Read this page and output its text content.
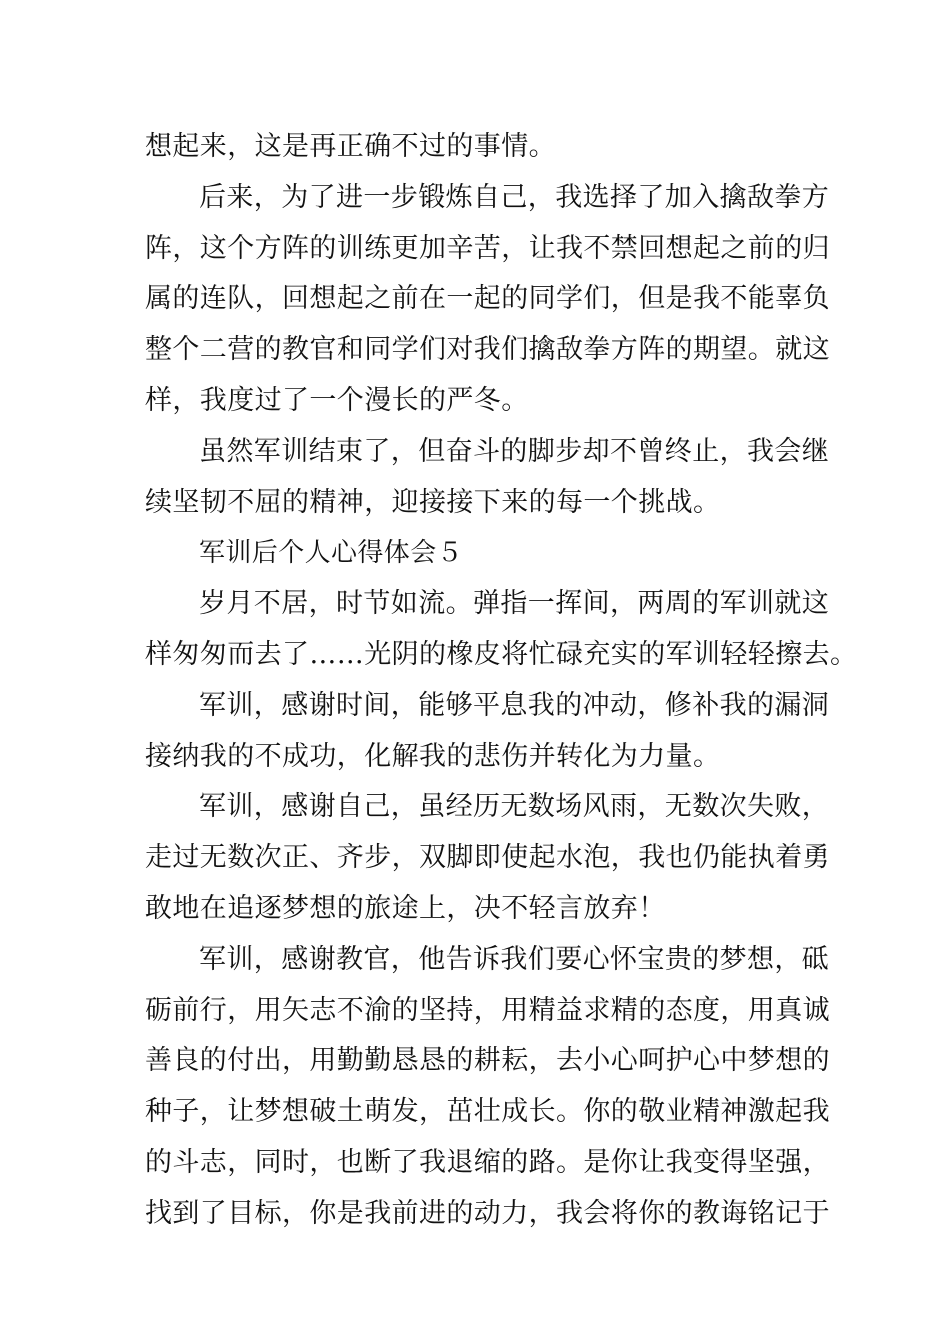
想起来，这是再正确不过的事情。
后来，为了进一步锻炼自己，我选择了加入擒敌拳方
阵，这个方阵的训练更加辛苦，让我不禁回想起之前的归
属的连队，回想起之前在一起的同学们，但是我不能辜负
整个二营的教官和同学们对我们擒敌拳方阵的期望。就这
样，我度过了一个漫长的严冬。
虽然军训结束了，但奋斗的脚步却不曾终止，我会继
续坚韧不屈的精神，迎接接下来的每一个挑战。
军训后个人心得体会５
岁月不居，时节如流。弹指一挥间，两周的军训就这
样匆匆而去了……光阴的橡皮将忙碌充实的军训轻轻擦去。
军训，感谢时间，能够平息我的冲动，修补我的漏洞
接纳我的不成功，化解我的悲伤并转化为力量。
军训，感谢自己，虽经历无数场风雨，无数次失败，
走过无数次正、齐步，双脚即使起水泡，我也仍能执着勇
敢地在追逐梦想的旅途上，决不轻言放弃！
军训，感谢教官，他告诉我们要心怀宝贵的梦想，砥
砺前行，用矢志不渝的坚持，用精益求精的态度，用真诚
善良的付出，用勤勤恳恳的耕耘，去小心呵护心中梦想的
种子，让梦想破土萌发，茁壮成长。你的敬业精神激起我
的斗志，同时，也断了我退缩的路。是你让我变得坚强，
找到了目标，你是我前进的动力，我会将你的教诲铭记于
